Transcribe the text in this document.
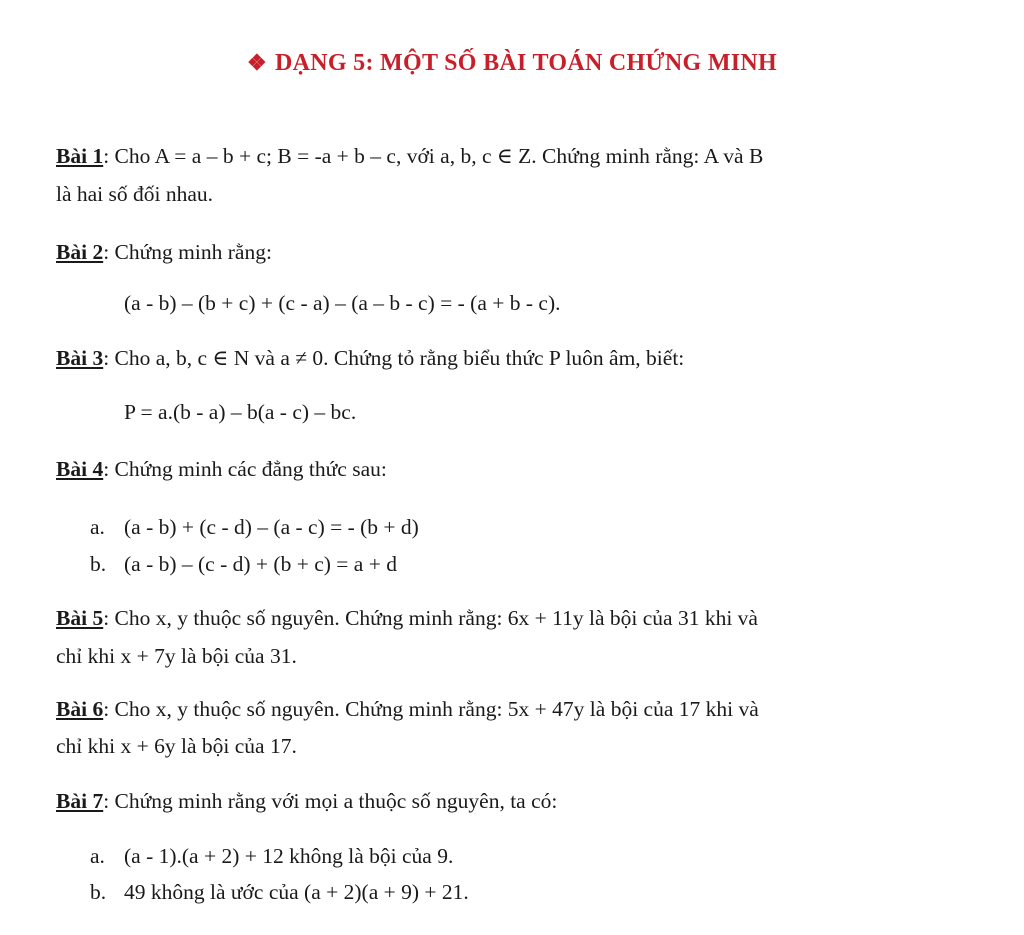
❖ DẠNG 5: MỘT SỐ BÀI TOÁN CHỨNG MINH
Bài 1: Cho A = a – b + c; B = -a + b – c, với a, b, c ∈ Z. Chứng minh rằng: A và B
là hai số đối nhau.
Bài 2: Chứng minh rằng:
(a - b) – (b + c) + (c - a) – (a – b - c) = - (a + b - c).
Bài 3: Cho a, b, c ∈ N và a ≠ 0. Chứng tỏ rằng biểu thức P luôn âm, biết:
P = a.(b - a) – b(a - c) – bc.
Bài 4: Chứng minh các đẳng thức sau:
a. (a - b) + (c - d) – (a - c) = - (b + d)
b. (a - b) – (c - d) + (b + c) = a + d
Bài 5: Cho x, y thuộc số nguyên. Chứng minh rằng: 6x + 11y là bội của 31 khi và
chỉ khi x + 7y là bội của 31.
Bài 6: Cho x, y thuộc số nguyên. Chứng minh rằng: 5x + 47y là bội của 17 khi và
chỉ khi x + 6y là bội của 17.
Bài 7: Chứng minh rằng với mọi a thuộc số nguyên, ta có:
a. (a - 1).(a + 2) + 12 không là bội của 9.
b. 49 không là ước của (a + 2)(a + 9) + 21.
